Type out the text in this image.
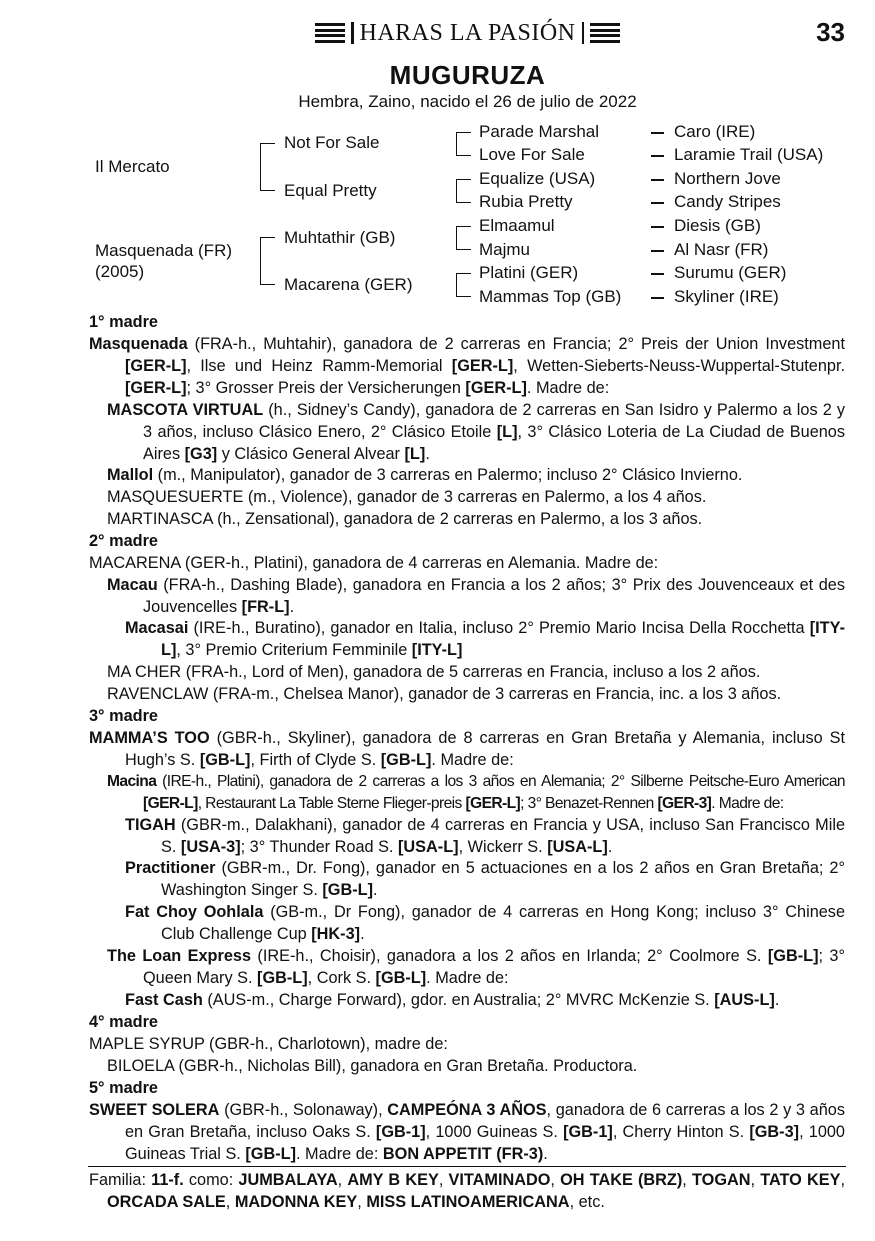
HARAS LA PASIÓN	33
MUGURUZA
Hembra, Zaino, nacido el 26 de julio de 2022
Il Mercato
Masquenada (FR)
(2005)
Not For Sale
Equal Pretty
Muhtathir (GB)
Macarena (GER)
Parade Marshal
Love For Sale
Equalize (USA)
Rubia Pretty
Elmaamul
Majmu
Platini (GER)
Mammas Top (GB)
Caro (IRE)
Laramie Trail (USA)
Northern Jove
Candy Stripes
Diesis (GB)
Al Nasr (FR)
Surumu (GER)
Skyliner (IRE)
1° madre
Masquenada (FRA-h., Muhtahir), ganadora de 2 carreras en Francia; 2° Preis der Union Investment [GER-L], Ilse und Heinz Ramm-Memorial [GER-L], Wetten-Sieberts-Neuss-Wuppertal-Stutenpr. [GER-L]; 3° Grosser Preis der Versicherungen [GER-L]. Madre de:
MASCOTA VIRTUAL (h., Sidney’s Candy), ganadora de 2 carreras en San Isidro y Palermo a los 2 y 3 años, incluso Clásico Enero, 2° Clásico Etoile [L], 3° Clásico Loteria de La Ciudad de Buenos Aires [G3] y Clásico General Alvear [L].
Mallol (m., Manipulator), ganador de 3 carreras en Palermo; incluso 2° Clásico Invierno.
MASQUESUERTE (m., Violence), ganador de 3 carreras en Palermo, a los 4 años.
MARTINASCA (h., Zensational), ganadora de 2 carreras en Palermo, a los 3 años.
2° madre
MACARENA (GER-h., Platini), ganadora de 4 carreras en Alemania. Madre de:
Macau (FRA-h., Dashing Blade), ganadora en Francia a los 2 años; 3° Prix des Jouvenceaux et des Jouvencelles [FR-L].
Macasai (IRE-h., Buratino), ganador en Italia, incluso 2° Premio Mario Incisa Della Rocchetta [ITY-L], 3° Premio Criterium Femminile [ITY-L]
MA CHER (FRA-h., Lord of Men), ganadora de 5 carreras en Francia, incluso a los 2 años.
RAVENCLAW (FRA-m., Chelsea Manor), ganador de 3 carreras en Francia, inc. a los 3 años.
3° madre
MAMMA’S TOO (GBR-h., Skyliner), ganadora de 8 carreras en Gran Bretaña y Alemania, incluso St Hugh’s S. [GB-L], Firth of Clyde S. [GB-L]. Madre de:
Macina (IRE-h., Platini), ganadora de 2 carreras a los 3 años en Alemania; 2° Silberne Peitsche-Euro American [GER-L], Restaurant La Table Sterne Flieger-preis [GER-L]; 3° Benazet-Rennen [GER-3]. Madre de:
TIGAH (GBR-m., Dalakhani), ganador de 4 carreras en Francia y USA, incluso San Francisco Mile S. [USA-3]; 3° Thunder Road S. [USA-L], Wickerr S. [USA-L].
Practitioner (GBR-m., Dr. Fong), ganador en 5 actuaciones en a los 2 años en Gran Bretaña; 2° Washington Singer S. [GB-L].
Fat Choy Oohlala (GB-m., Dr Fong), ganador de 4 carreras en Hong Kong; incluso 3° Chinese Club Challenge Cup [HK-3].
The Loan Express (IRE-h., Choisir), ganadora a los 2 años en Irlanda; 2° Coolmore S. [GB-L]; 3° Queen Mary S. [GB-L], Cork S. [GB-L]. Madre de:
Fast Cash (AUS-m., Charge Forward), gdor. en Australia; 2° MVRC McKenzie S. [AUS-L].
4° madre
MAPLE SYRUP (GBR-h., Charlotown), madre de:
BILOELA (GBR-h., Nicholas Bill), ganadora en Gran Bretaña. Productora.
5° madre
SWEET SOLERA (GBR-h., Solonaway), CAMPEÓNA 3 AÑOS, ganadora de 6 carreras a los 2 y 3 años en Gran Bretaña, incluso Oaks S. [GB-1], 1000 Guineas S. [GB-1], Cherry Hinton S. [GB-3], 1000 Guineas Trial S. [GB-L]. Madre de: BON APPETIT (FR-3).
Familia: 11-f. como: JUMBALAYA, AMY B KEY, VITAMINADO, OH TAKE (BRZ), TOGAN, TATO KEY, ORCADA SALE, MADONNA KEY, MISS LATINOAMERICANA, etc.
